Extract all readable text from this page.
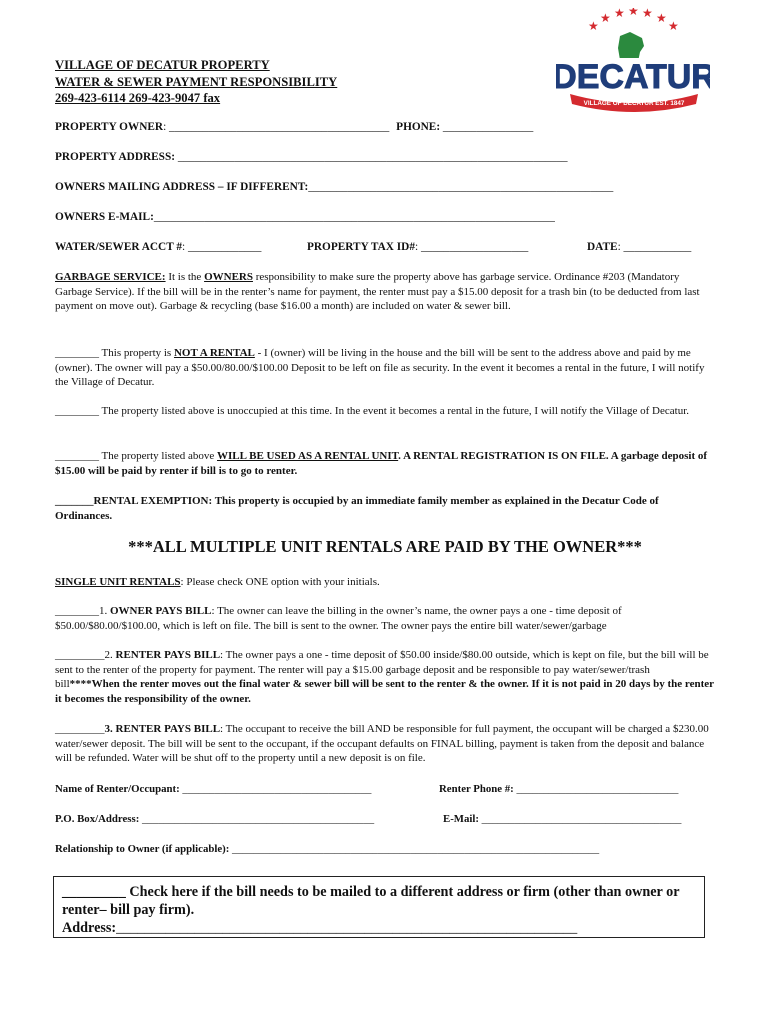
VILLAGE OF DECATUR PROPERTY
WATER & SEWER PAYMENT RESPONSIBILITY
269-423-6114 269-423-9047 fax
★
★ ★ ★ ★ ★
★
DECATUR
VILLAGE OF DECATUR EST. 1847
PROPERTY OWNER: _______________________________________ PHONE: ________________
PROPERTY ADDRESS: _____________________________________________________________________
OWNERS MAILING ADDRESS – IF DIFFERENT:______________________________________________________
OWNERS E-MAIL:_______________________________________________________________________
WATER/SEWER ACCT #: _____________	PROPERTY TAX ID#: ___________________	DATE: ____________
GARBAGE SERVICE: It is the OWNERS responsibility to make sure the property above has garbage service. Ordinance #203 (Mandatory Garbage Service). If the bill will be in the renter’s name for payment, the renter must pay a $15.00 deposit for a trash bin (to be deducted from last payment on move out). Garbage & recycling (base $16.00 a month) are included on water & sewer bill.
________ This property is NOT A RENTAL - I (owner) will be living in the house and the bill will be sent to the address above and paid by me (owner). The owner will pay a $50.00/80.00/$100.00 Deposit to be left on file as security. In the event it becomes a rental in the future, I will notify the Village of Decatur.
________ The property listed above is unoccupied at this time. In the event it becomes a rental in the future, I will notify the Village of Decatur.
________ The property listed above WILL BE USED AS A RENTAL UNIT. A RENTAL REGISTRATION IS ON FILE. A garbage deposit of $15.00 will be paid by renter if bill is to go to renter.
_______RENTAL EXEMPTION: This property is occupied by an immediate family member as explained in the Decatur Code of Ordinances.
***ALL MULTIPLE UNIT RENTALS ARE PAID BY THE OWNER***
SINGLE UNIT RENTALS: Please check ONE option with your initials.
________1. OWNER PAYS BILL: The owner can leave the billing in the owner’s name, the owner pays a one - time deposit of $50.00/$80.00/$100.00, which is left on file. The bill is sent to the owner. The owner pays the entire bill water/sewer/garbage
_________2. RENTER PAYS BILL: The owner pays a one - time deposit of $50.00 inside/$80.00 outside, which is kept on file, but the bill will be sent to the renter of the property for payment. The renter will pay a $15.00 garbage deposit and be responsible to pay water/sewer/trash bill****When the renter moves out the final water & sewer bill will be sent to the renter & the owner. If it is not paid in 20 days by the renter it becomes the responsibility of the owner.
_________3. RENTER PAYS BILL: The occupant to receive the bill AND be responsible for full payment, the occupant will be charged a $230.00 water/sewer deposit. The bill will be sent to the occupant, if the occupant defaults on FINAL billing, payment is taken from the deposit and balance will be refunded. Water will be shut off to the property until a new deposit is on file.
Name of Renter/Occupant: ___________________________________	Renter Phone #: ______________________________
P.O. Box/Address: ___________________________________________	E-Mail: _____________________________________
Relationship to Owner (if applicable): ____________________________________________________________________
_________ Check here if the bill needs to be mailed to a different address or firm (other than owner or renter– bill pay firm).
Address:_________________________________________________________________
